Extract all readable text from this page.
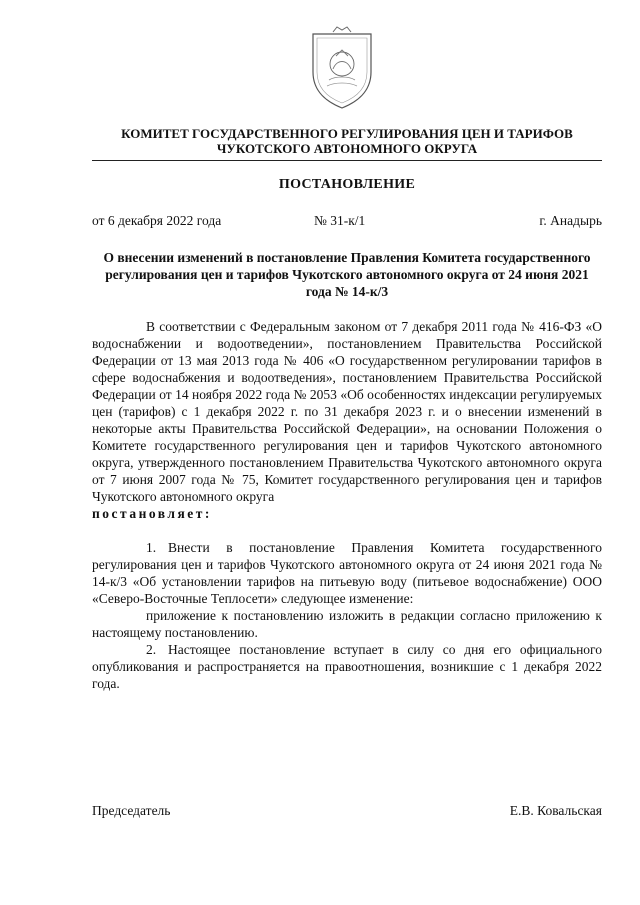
КОМИТЕТ ГОСУДАРСТВЕННОГО РЕГУЛИРОВАНИЯ ЦЕН И ТАРИФОВ
ЧУКОТСКОГО АВТОНОМНОГО ОКРУГА
ПОСТАНОВЛЕНИЕ
от 6 декабря 2022 года	№ 31-к/1	г. Анадырь
О внесении изменений в постановление Правления Комитета государственного регулирования цен и тарифов Чукотского автономного округа от 24 июня 2021 года № 14-к/3

В соответствии с Федеральным законом от 7 декабря 2011 года № 416-ФЗ «О водоснабжении и водоотведении», постановлением Правительства Российской Федерации от 13 мая 2013 года № 406 «О государственном регулировании тарифов в сфере водоснабжения и водоотведения», постановлением Правительства Российской Федерации от 14 ноября 2022 года № 2053 «Об особенностях индексации регулируемых цен (тарифов) с 1 декабря 2022 г. по 31 декабря 2023 г. и о внесении изменений в некоторые акты Правительства Российской Федерации», на основании Положения о Комитете государственного регулирования цен и тарифов Чукотского автономного округа, утвержденного постановлением Правительства Чукотского автономного округа от 7 июня 2007 года № 75, Комитет государственного регулирования цен и тарифов Чукотского автономного округа

постановляет:

1. Внести в постановление Правления Комитета государственного регулирования цен и тарифов Чукотского автономного округа от 24 июня 2021 года № 14-к/3 «Об установлении тарифов на питьевую воду (питьевое водоснабжение) ООО «Северо-Восточные Теплосети» следующее изменение:

приложение к постановлению изложить в редакции согласно приложению к настоящему постановлению.

2. Настоящее постановление вступает в силу со дня его официального опубликования и распространяется на правоотношения, возникшие с 1 декабря 2022 года.

Председатель	Е.В. Ковальская
